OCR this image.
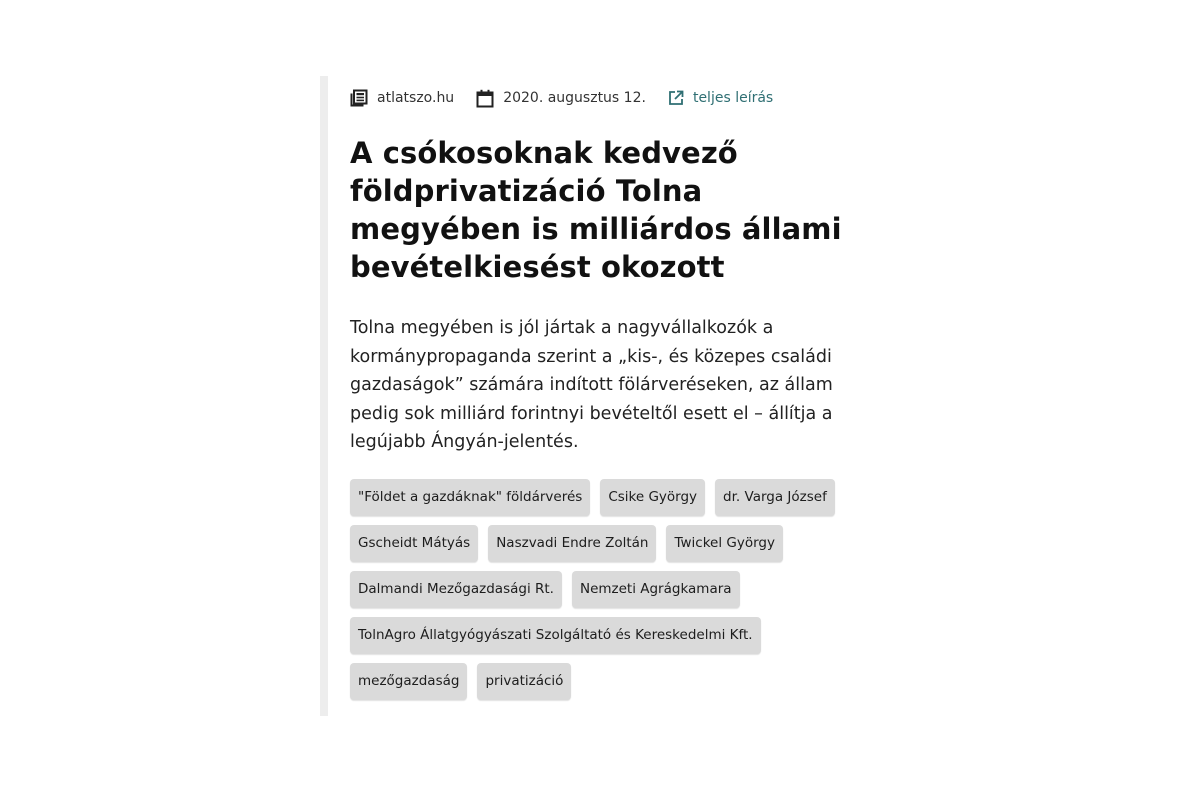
atlatszo.hu	2020. augusztus 12.	teljes leírás
A csókosoknak kedvező földprivatizáció Tolna megyében is milliárdos állami bevételkiesést okozott

Tolna megyében is jól jártak a nagyvállalkozók a kormánypropaganda szerint a „kis-, és közepes családi gazdaságok” számára indított fölárveréseken, az állam pedig sok milliárd forintnyi bevételtől esett el – állítja a legújabb Ángyán-jelentés.

"Földet a gazdáknak" földárverés	Csike György	dr. Varga József
Gscheidt Mátyás	Naszvadi Endre Zoltán	Twickel György
Dalmandi Mezőgazdasági Rt.	Nemzeti Agrágkamara
TolnAgro Állatgyógyászati Szolgáltató és Kereskedelmi Kft.
mezőgazdaság	privatizáció
